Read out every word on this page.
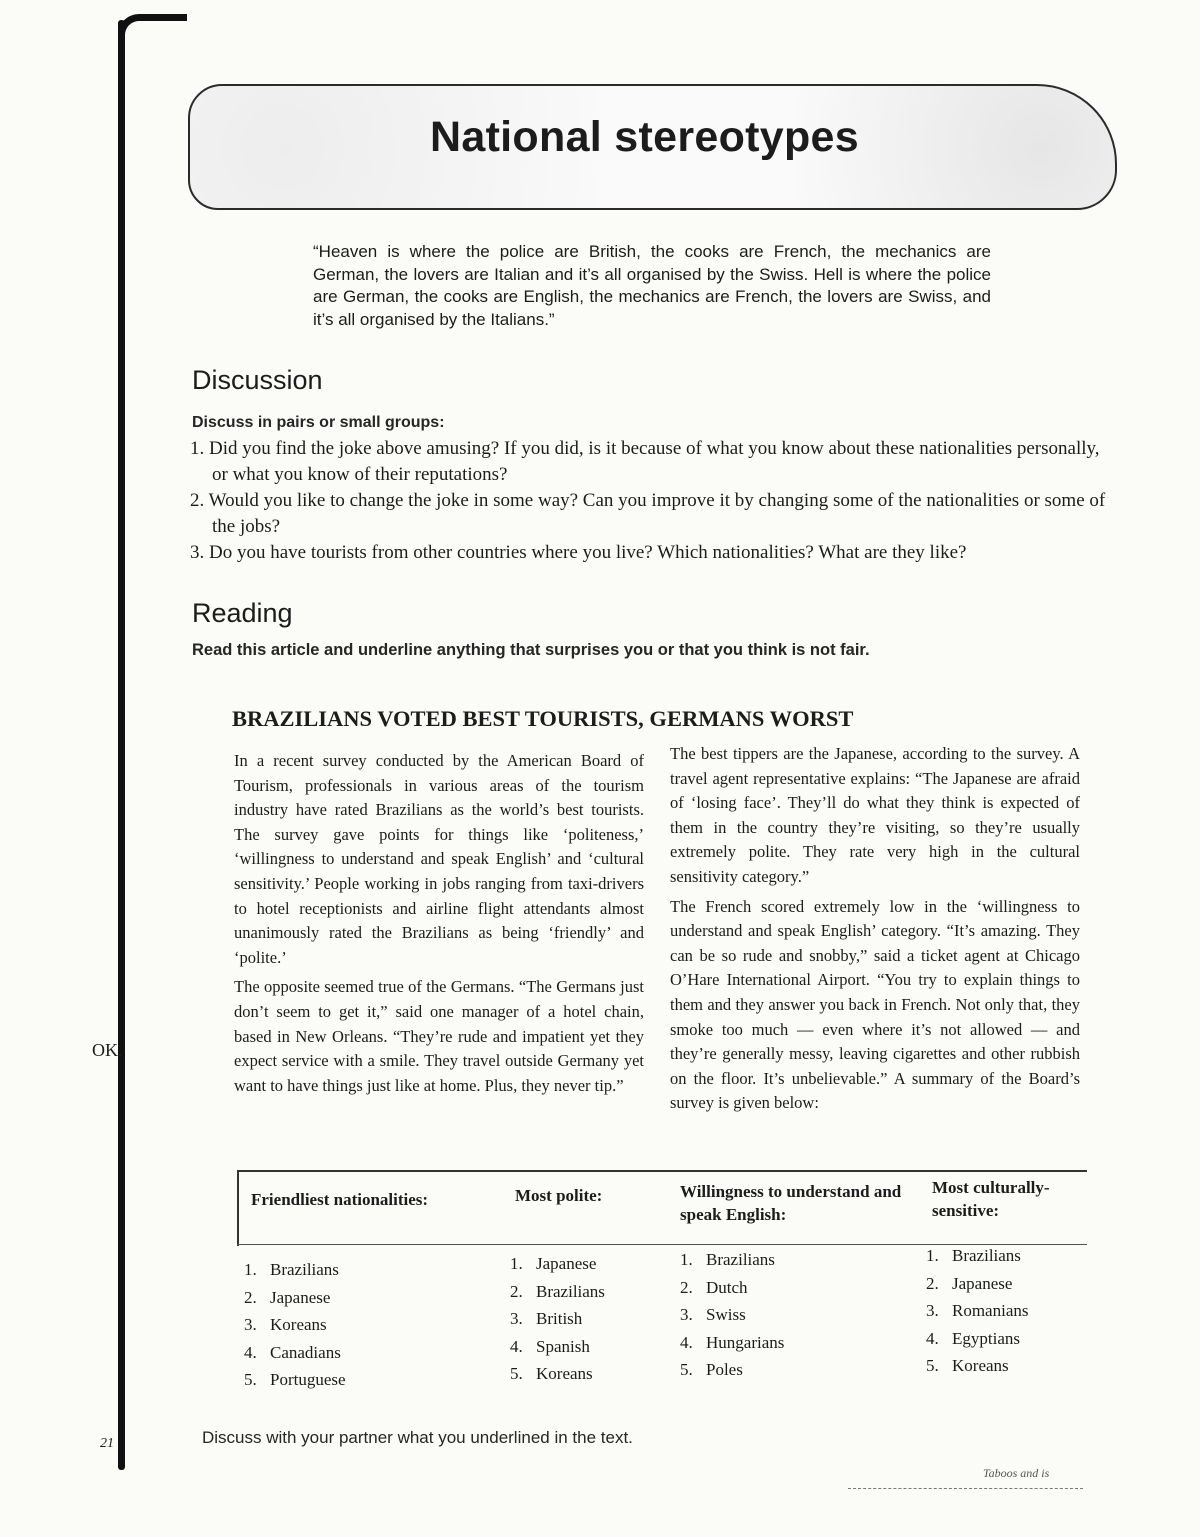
OK.
21
National stereotypes
“Heaven is where the police are British, the cooks are French, the mechanics are German, the lovers are Italian and it’s all organised by the Swiss. Hell is where the police are German, the cooks are English, the mechanics are French, the lovers are Swiss, and it’s all organised by the Italians.”
Discussion
Discuss in pairs or small groups:
1. Did you find the joke above amusing? If you did, is it because of what you know about these nationalities personally, or what you know of their reputations?
2. Would you like to change the joke in some way? Can you improve it by changing some of the nationalities or some of the jobs?
3. Do you have tourists from other countries where you live? Which nationalities? What are they like?
Reading
Read this article and underline anything that surprises you or that you think is not fair.
BRAZILIANS VOTED BEST TOURISTS, GERMANS WORST

In a recent survey conducted by the American Board of Tourism, professionals in various areas of the tourism industry have rated Brazilians as the world’s best tourists. The survey gave points for things like ‘politeness,’ ‘willingness to understand and speak English’ and ‘cultural sensitivity.’ People working in jobs ranging from taxi-drivers to hotel receptionists and airline flight attendants almost unanimously rated the Brazilians as being ‘friendly’ and ‘polite.’

The opposite seemed true of the Germans. “The Germans just don’t seem to get it,” said one manager of a hotel chain, based in New Orleans. “They’re rude and impatient yet they expect service with a smile. They travel outside Germany yet want to have things just like at home. Plus, they never tip.”

The best tippers are the Japanese, according to the survey. A travel agent representative explains: “The Japanese are afraid of ‘losing face’. They’ll do what they think is expected of them in the country they’re visiting, so they’re usually extremely polite. They rate very high in the cultural sensitivity category.”

The French scored extremely low in the ‘willingness to understand and speak English’ category. “It’s amazing. They can be so rude and snobby,” said a ticket agent at Chicago O’Hare International Airport. “You try to explain things to them and they answer you back in French. Not only that, they smoke too much — even where it’s not allowed — and they’re generally messy, leaving cigarettes and other rubbish on the floor. It’s unbelievable.” A summary of the Board’s survey is given below:

Friendliest nationalities:	Most polite:	Willingness to understand and speak English:
Most culturally-sensitive:
1. Brazilians
2. Japanese
3. Koreans
4. Canadians
5. Portuguese
1. Japanese
2. Brazilians
3. British
4. Spanish
5. Koreans
1. Brazilians
2. Dutch
3. Swiss
4. Hungarians
5. Poles
1. Brazilians
2. Japanese
3. Romanians
4. Egyptians
5. Koreans
Discuss with your partner what you underlined in the text.
Taboos and is
